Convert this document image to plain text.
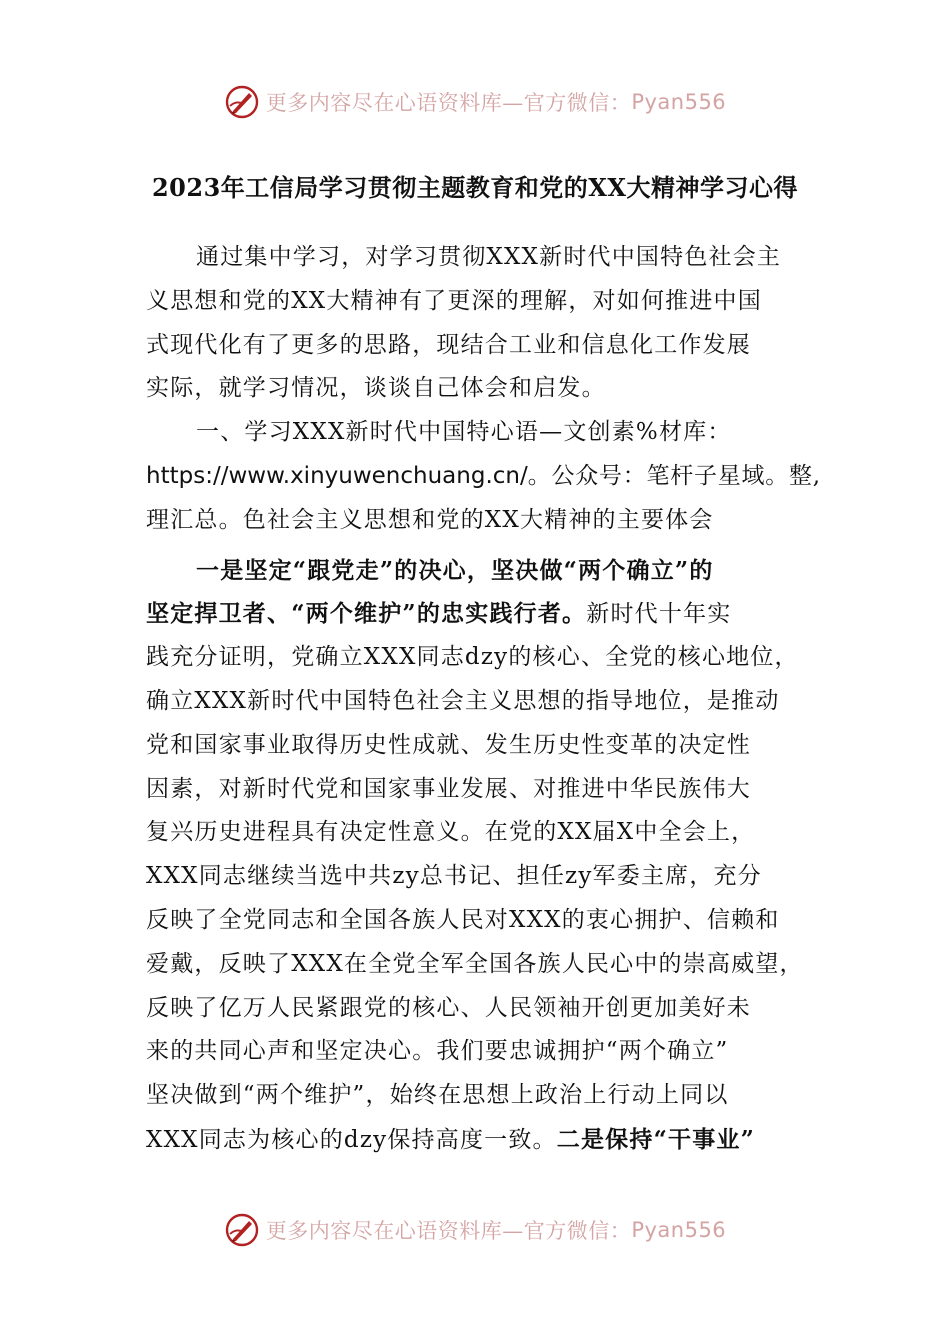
更多内容尽在心语资料库—官方微信： Pyan556
2023年工信局学习贯彻主题教育和党的XX大精神学习心得
通过集中学习，对学习贯彻XXX新时代中国特色社会主
义思想和党的XX大精神有了更深的理解，对如何推进中国
式现代化有了更多的思路，现结合工业和信息化工作发展
实际，就学习情况，谈谈自己体会和启发。
一、学习XXX新时代中国特心语—文创素%材库：
https://www.xinyuwenchuang.cn/。公众号：笔杆子星域。整,
理汇总。色社会主义思想和党的XX大精神的主要体会
一是坚定“跟党走”的决心，坚决做“两个确立”的
坚定捍卫者、“两个维护”的忠实践行者。新时代十年实
践充分证明，党确立XXX同志dzy的核心、全党的核心地位，
确立XXX新时代中国特色社会主义思想的指导地位，是推动
党和国家事业取得历史性成就、发生历史性变革的决定性
因素，对新时代党和国家事业发展、对推进中华民族伟大
复兴历史进程具有决定性意义。在党的XX届X中全会上，
XXX同志继续当选中共zy总书记、担任zy军委主席，充分
反映了全党同志和全国各族人民对XXX的衷心拥护、信赖和
爱戴，反映了XXX在全党全军全国各族人民心中的崇高威望，
反映了亿万人民紧跟党的核心、人民领袖开创更加美好未
来的共同心声和坚定决心。我们要忠诚拥护“两个确立”
坚决做到“两个维护”，始终在思想上政治上行动上同以
XXX同志为核心的dzy保持高度一致。二是保持“干事业”
更多内容尽在心语资料库—官方微信： Pyan556
